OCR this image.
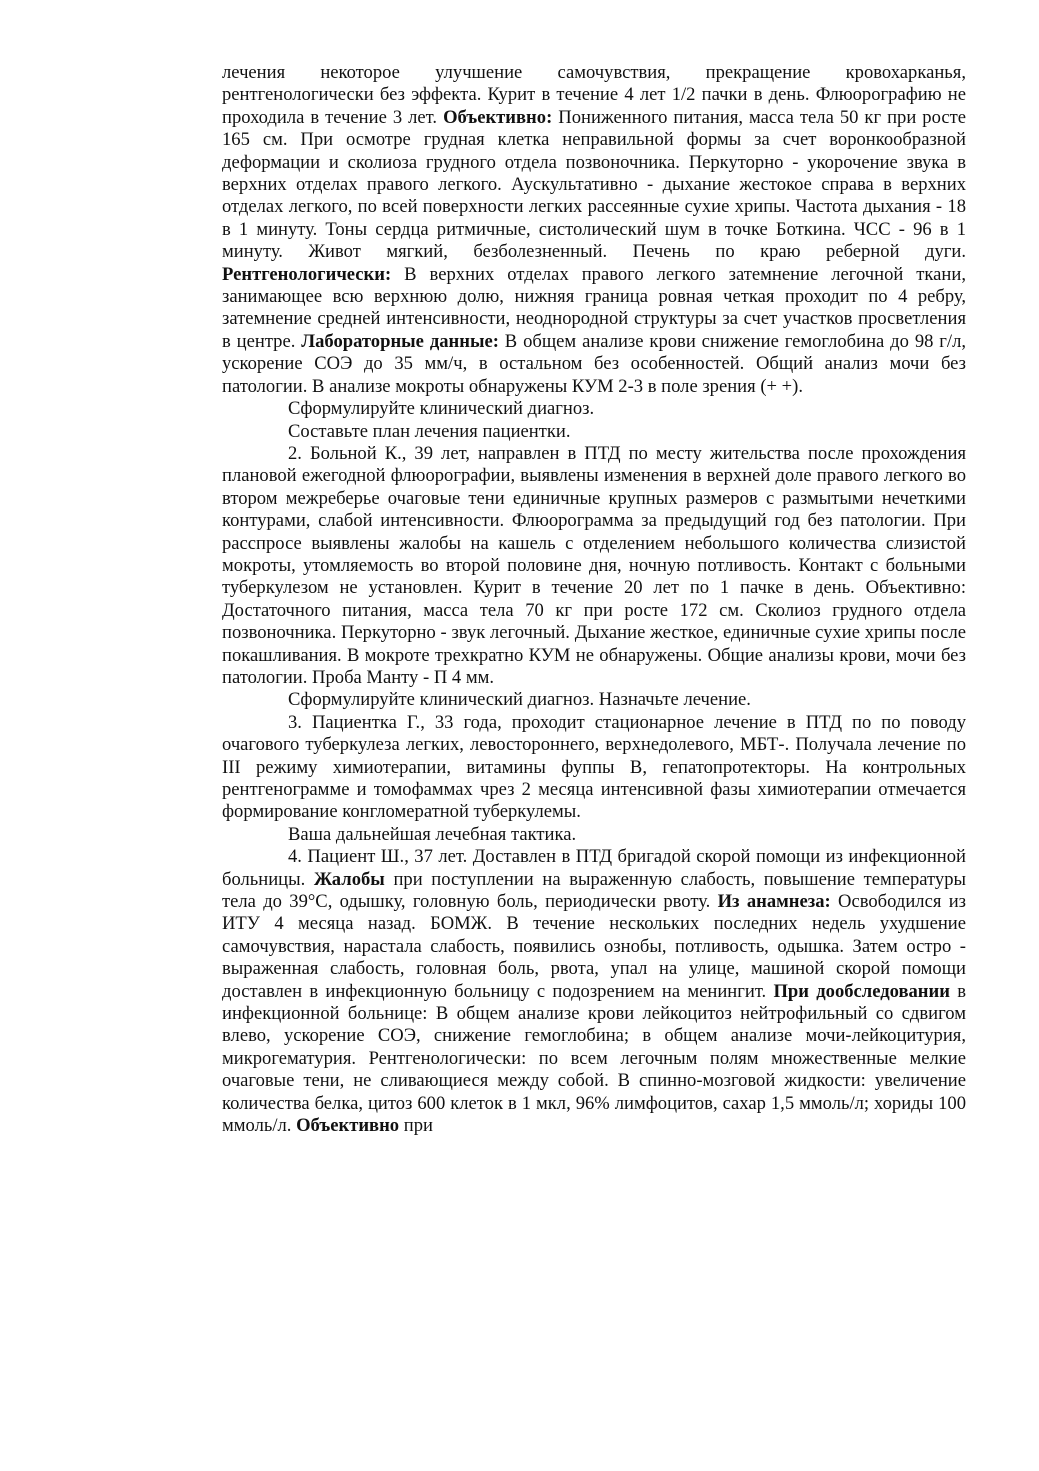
лечения некоторое улучшение самочувствия, прекращение кровохарканья, рентгенологически без эффекта. Курит в течение 4 лет 1/2 пачки в день. Флюорографию не проходила в течение 3 лет. Объективно: Пониженного питания, масса тела 50 кг при росте 165 см. При осмотре грудная клетка неправильной формы за счет воронкообразной деформации и сколиоза грудного отдела позвоночника. Перкуторно - укорочение звука в верхних отделах правого легкого. Аускультативно - дыхание жестокое справа в верхних отделах легкого, по всей поверхности легких рассеянные сухие хрипы. Частота дыхания - 18 в 1 минуту. Тоны сердца ритмичные, систолический шум в точке Боткина. ЧСС - 96 в 1 минуту. Живот мягкий, безболезненный. Печень по краю реберной дуги. Рентгенологически: В верхних отделах правого легкого затемнение легочной ткани, занимающее всю верхнюю долю, нижняя граница ровная четкая проходит по 4 ребру, затемнение средней интенсивности, неоднородной структуры за счет участков просветления в центре. Лабораторные данные: В общем анализе крови снижение гемоглобина до 98 г/л, ускорение СОЭ до 35 мм/ч, в остальном без особенностей. Общий анализ мочи без патологии. В анализе мокроты обнаружены КУМ 2-3 в поле зрения (+ +).

Сформулируйте клинический диагноз.

Составьте план лечения пациентки.

2. Больной К., 39 лет, направлен в ПТД по месту жительства после прохождения плановой ежегодной флюорографии, выявлены изменения в верхней доле правого легкого во втором межреберье очаговые тени единичные крупных размеров с размытыми нечеткими контурами, слабой интенсивности. Флюорограмма за предыдущий год без патологии. При расспросе выявлены жалобы на кашель с отделением небольшого количества слизистой мокроты, утомляемость во второй половине дня, ночную потливость. Контакт с больными туберкулезом не установлен. Курит в течение 20 лет по 1 пачке в день. Объективно: Достаточного питания, масса тела 70 кг при росте 172 см. Сколиоз грудного отдела позвоночника. Перкуторно - звук легочный. Дыхание жесткое, единичные сухие хрипы после покашливания. В мокроте трехкратно КУМ не обнаружены. Общие анализы крови, мочи без патологии. Проба Манту - П 4 мм.

Сформулируйте клинический диагноз. Назначьте лечение.

3. Пациентка Г., 33 года, проходит стационарное лечение в ПТД по по поводу очагового туберкулеза легких, левостороннего, верхнедолевого, МБТ-. Получала лечение по III режиму химиотерапии, витамины фуппы В, гепатопротекторы. На контрольных рентгенограмме и томофаммах чрез 2 месяца интенсивной фазы химиотерапии отмечается формирование конгломератной туберкулемы.

Ваша дальнейшая лечебная тактика.

4. Пациент Ш., 37 лет. Доставлен в ПТД бригадой скорой помощи из инфекционной больницы. Жалобы при поступлении на выраженную слабость, повышение температуры тела до 39°С, одышку, головную боль, периодически рвоту. Из анамнеза: Освободился из ИТУ 4 месяца назад. БОМЖ. В течение нескольких последних недель ухудшение самочувствия, нарастала слабость, появились ознобы, потливость, одышка. Затем остро - выраженная слабость, головная боль, рвота, упал на улице, машиной скорой помощи доставлен в инфекционную больницу с подозрением на менингит. При дообследовании в инфекционной больнице: В общем анализе крови лейкоцитоз нейтрофильный со сдвигом влево, ускорение СОЭ, снижение гемоглобина; в общем анализе мочи-лейкоцитурия, микрогематурия. Рентгенологически: по всем легочным полям множественные мелкие очаговые тени, не сливающиеся между собой. В спинно-мозговой жидкости: увеличение количества белка, цитоз 600 клеток в 1 мкл, 96% лимфоцитов, сахар 1,5 ммоль/л; хориды 100 ммоль/л. Объективно при
